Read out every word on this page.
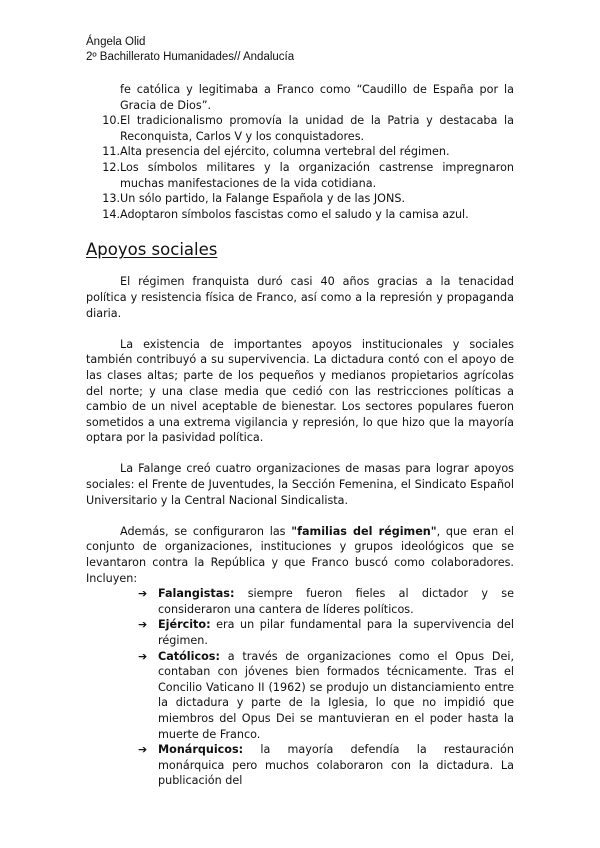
Ángela Olid
2º Bachillerato Humanidades// Andalucía

fe católica y legitimaba a Franco como “Caudillo de España por la Gracia de Dios”.

10. El tradicionalismo promovía la unidad de la Patria y destacaba la Reconquista, Carlos V y los conquistadores.
11. Alta presencia del ejército, columna vertebral del régimen.
12. Los símbolos militares y la organización castrense impregnaron muchas manifestaciones de la vida cotidiana.
13. Un sólo partido, la Falange Española y de las JONS.
14. Adoptaron símbolos fascistas como el saludo y la camisa azul.
Apoyos sociales

El régimen franquista duró casi 40 años gracias a la tenacidad política y resistencia física de Franco, así como a la represión y propaganda diaria.

La existencia de importantes apoyos institucionales y sociales también contribuyó a su supervivencia. La dictadura contó con el apoyo de las clases altas; parte de los pequeños y medianos propietarios agrícolas del norte; y una clase media que cedió con las restricciones políticas a cambio de un nivel aceptable de bienestar. Los sectores populares fueron sometidos a una extrema vigilancia y represión, lo que hizo que la mayoría optara por la pasividad política.

La Falange creó cuatro organizaciones de masas para lograr apoyos sociales: el Frente de Juventudes, la Sección Femenina, el Sindicato Español Universitario y la Central Nacional Sindicalista.

Además, se configuraron las "familias del régimen", que eran el conjunto de organizaciones, instituciones y grupos ideológicos que se levantaron contra la República y que Franco buscó como colaboradores. Incluyen:

➔ Falangistas: siempre fueron fieles al dictador y se consideraron una cantera de líderes políticos.
➔ Ejército: era un pilar fundamental para la supervivencia del régimen.
➔ Católicos: a través de organizaciones como el Opus Dei, contaban con jóvenes bien formados técnicamente. Tras el Concilio Vaticano II (1962) se produjo un distanciamiento entre la dictadura y parte de la Iglesia, lo que no impidió que miembros del Opus Dei se mantuvieran en el poder hasta la muerte de Franco.
➔ Monárquicos: la mayoría defendía la restauración monárquica pero muchos colaboraron con la dictadura. La publicación del
